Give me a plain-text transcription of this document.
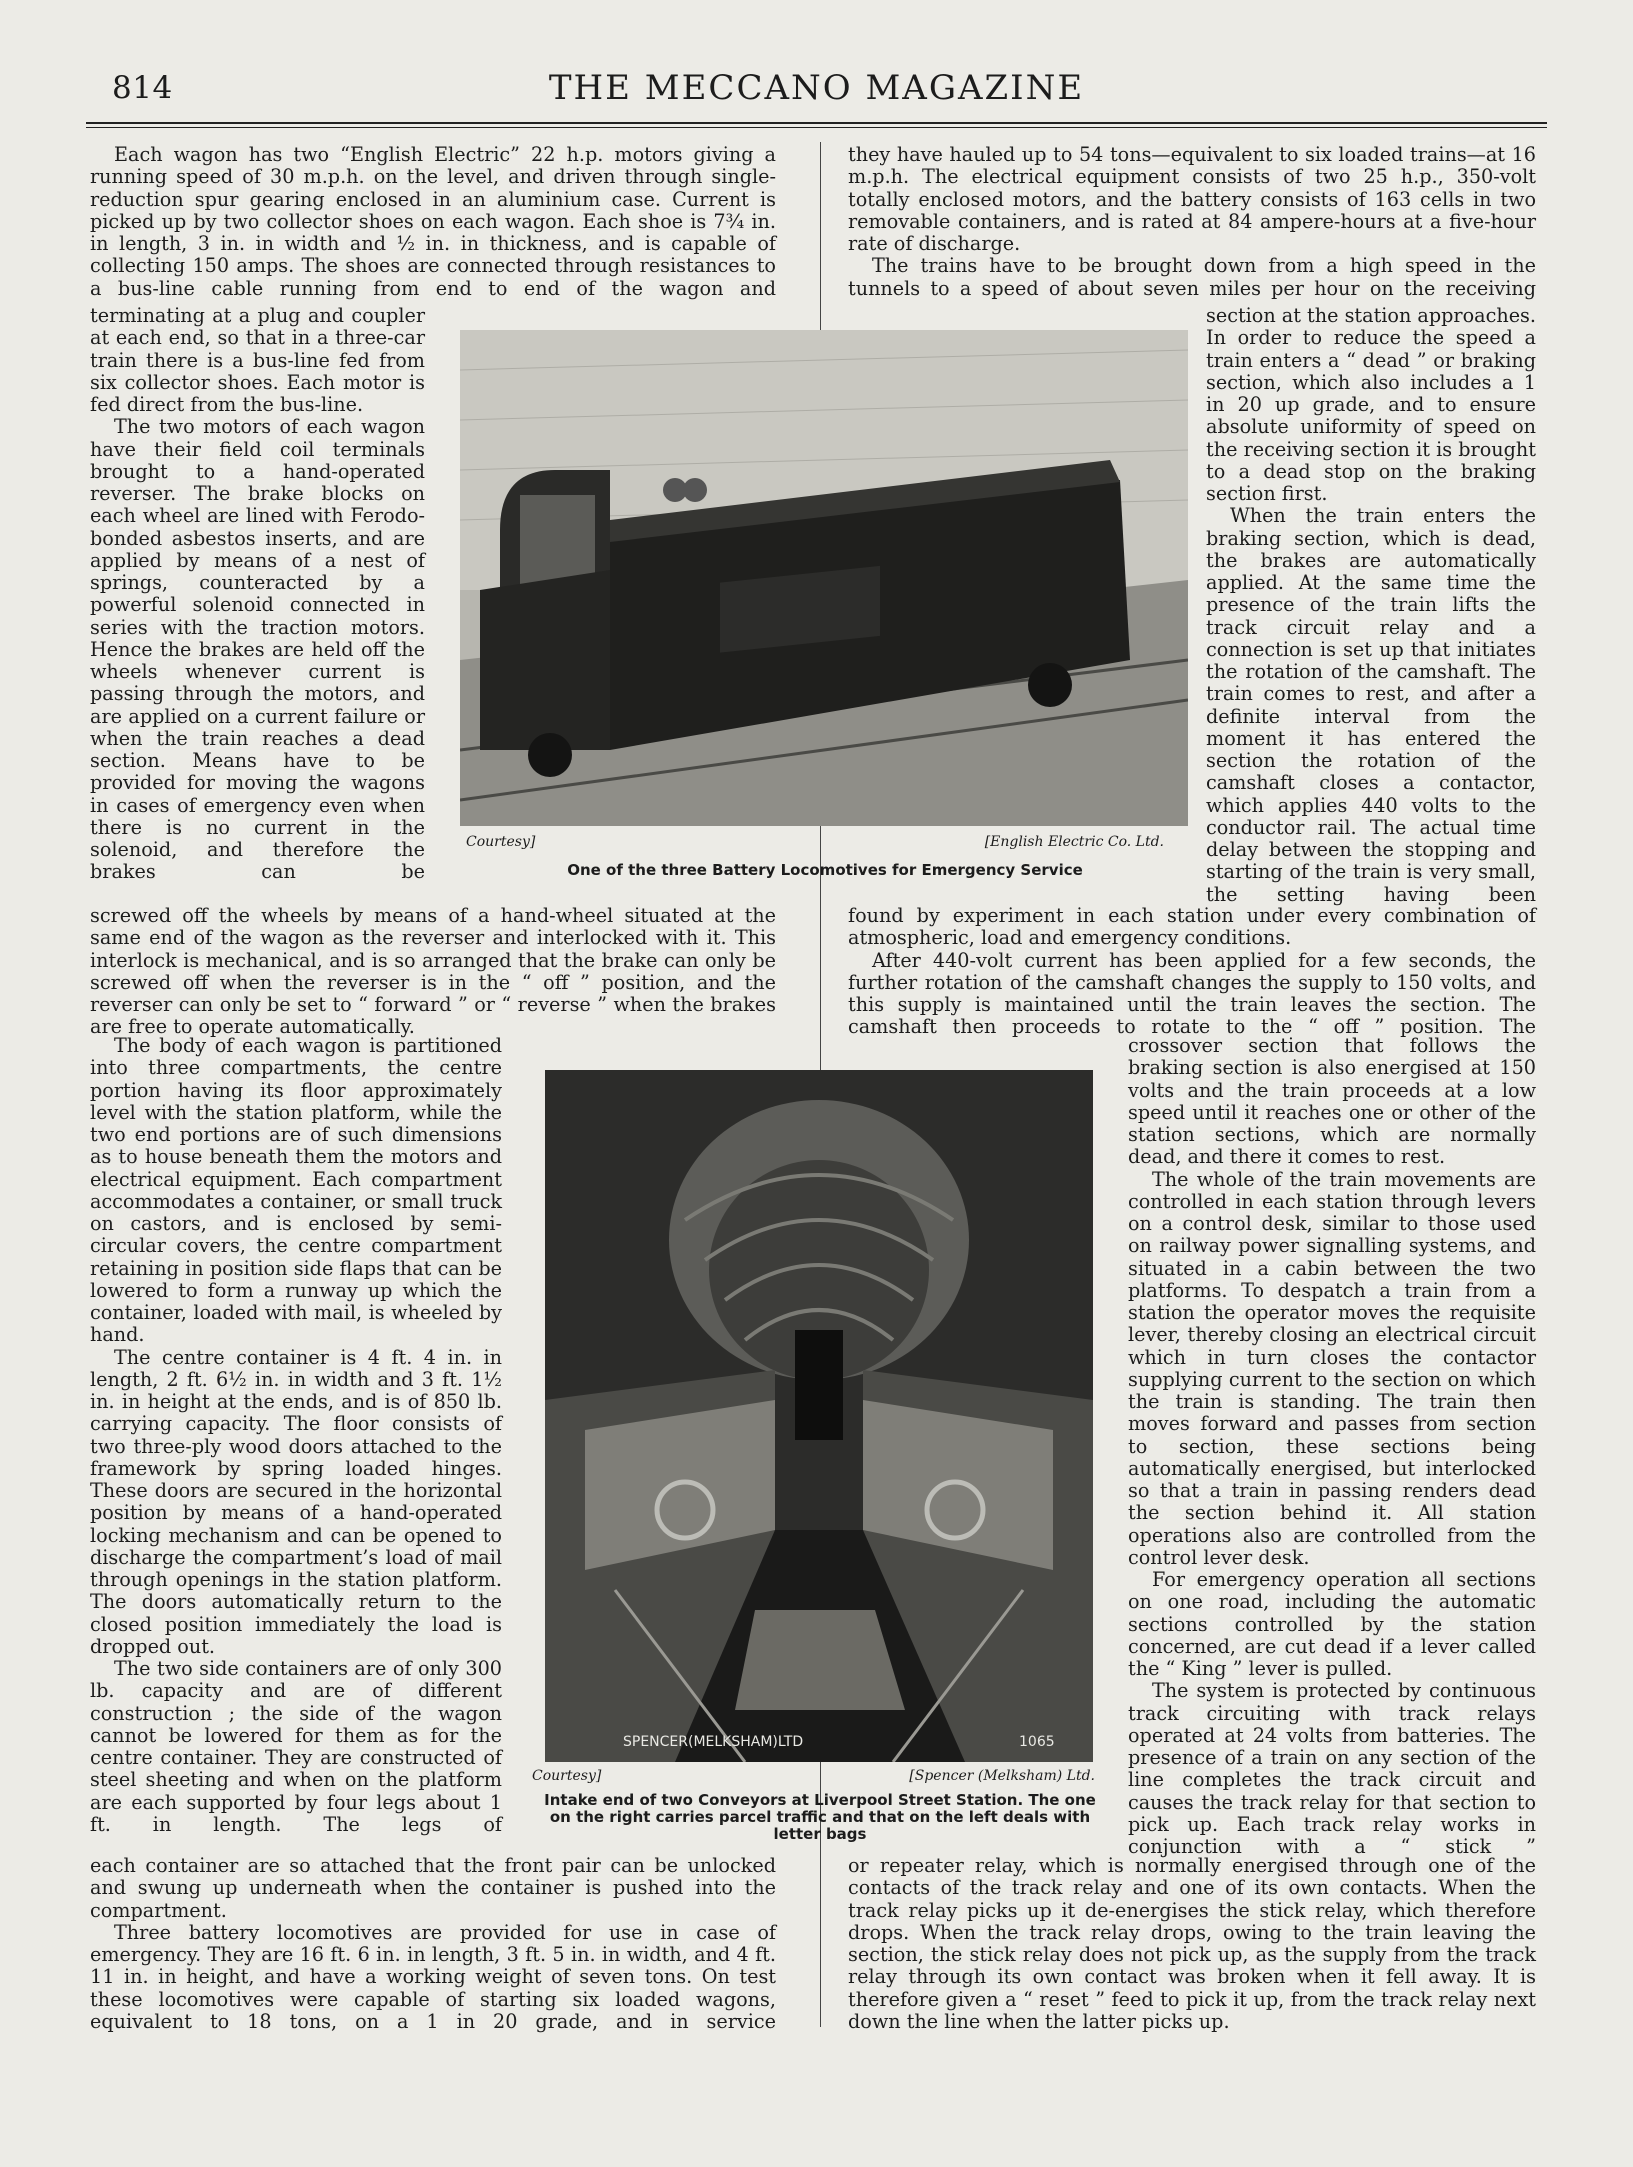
814	THE MECCANO MAGAZINE
Each wagon has two “English Electric” 22 h.p. motors giving a running speed of 30 m.p.h. on the level, and driven through single-reduction spur gearing enclosed in an aluminium case. Current is picked up by two collector shoes on each wagon. Each shoe is 7¾ in. in length, 3 in. in width and ½ in. in thickness, and is capable of collecting 150 amps. The shoes are connected through resistances to a bus-line cable running from end to end of the wagon and

terminating at a plug and coupler at each end, so that in a three-car train there is a bus-line fed from six collector shoes. Each motor is fed direct from the bus-line.

The two motors of each wagon have their field coil terminals brought to a hand-operated reverser. The brake blocks on each wheel are lined with Ferodo-bonded asbestos inserts, and are applied by means of a nest of springs, counteracted by a powerful solenoid connected in series with the traction motors. Hence the brakes are held off the wheels whenever current is passing through the motors, and are applied on a current failure or when the train reaches a dead section. Means have to be provided for moving the wagons in cases of emergency even when there is no current in the solenoid, and therefore the brakes can be

screwed off the wheels by means of a hand-wheel situated at the same end of the wagon as the reverser and interlocked with it. This interlock is mechanical, and is so arranged that the brake can only be screwed off when the reverser is in the “ off ” position, and the reverser can only be set to “ forward ” or “ reverse ” when the brakes are free to operate automatically.

The body of each wagon is partitioned into three compartments, the centre portion having its floor approximately level with the station platform, while the two end portions are of such dimensions as to house beneath them the motors and electrical equipment. Each compartment accommodates a container, or small truck on castors, and is enclosed by semi-circular covers, the centre compartment retaining in position side flaps that can be lowered to form a runway up which the container, loaded with mail, is wheeled by hand.

The centre container is 4 ft. 4 in. in length, 2 ft. 6½ in. in width and 3 ft. 1½ in. in height at the ends, and is of 850 lb. carrying capacity. The floor consists of two three-ply wood doors attached to the framework by spring loaded hinges. These doors are secured in the horizontal position by means of a hand-operated locking mechanism and can be opened to discharge the compartment’s load of mail through openings in the station platform. The doors automatically return to the closed position immediately the load is dropped out.

The two side containers are of only 300 lb. capacity and are of different construction ; the side of the wagon cannot be lowered for them as for the centre container. They are constructed of steel sheeting and when on the platform are each supported by four legs about 1 ft. in length. The legs of

each container are so attached that the front pair can be unlocked and swung up underneath when the container is pushed into the compartment.

Three battery locomotives are provided for use in case of emergency. They are 16 ft. 6 in. in length, 3 ft. 5 in. in width, and 4 ft. 11 in. in height, and have a working weight of seven tons. On test these locomotives were capable of starting six loaded wagons, equivalent to 18 tons, on a 1 in 20 grade, and in service

they have hauled up to 54 tons—equivalent to six loaded trains—at 16 m.p.h. The electrical equipment consists of two 25 h.p., 350-volt totally enclosed motors, and the battery consists of 163 cells in two removable containers, and is rated at 84 ampere-hours at a five-hour rate of discharge.

The trains have to be brought down from a high speed in the tunnels to a speed of about seven miles per hour on the receiving

section at the station approaches. In order to reduce the speed a train enters a “ dead ” or braking section, which also includes a 1 in 20 up grade, and to ensure absolute uniformity of speed on the receiving section it is brought to a dead stop on the braking section first.

When the train enters the braking section, which is dead, the brakes are automatically applied. At the same time the presence of the train lifts the track circuit relay and a connection is set up that initiates the rotation of the camshaft. The train comes to rest, and after a definite interval from the moment it has entered the section the rotation of the camshaft closes a contactor, which applies 440 volts to the conductor rail. The actual time delay between the stopping and starting of the train is very small, the setting having been

found by experiment in each station under every combination of atmospheric, load and emergency conditions.

After 440-volt current has been applied for a few seconds, the further rotation of the camshaft changes the supply to 150 volts, and this supply is maintained until the train leaves the section. The camshaft then proceeds to rotate to the “ off ” position. The

crossover section that follows the braking section is also energised at 150 volts and the train proceeds at a low speed until it reaches one or other of the station sections, which are normally dead, and there it comes to rest.

The whole of the train movements are controlled in each station through levers on a control desk, similar to those used on railway power signalling systems, and situated in a cabin between the two platforms. To despatch a train from a station the operator moves the requisite lever, thereby closing an electrical circuit which in turn closes the contactor supplying current to the section on which the train is standing. The train then moves forward and passes from section to section, these sections being automatically energised, but interlocked so that a train in passing renders dead the section behind it. All station operations also are controlled from the control lever desk.

For emergency operation all sections on one road, including the automatic sections controlled by the station concerned, are cut dead if a lever called the “ King ” lever is pulled.

The system is protected by continuous track circuiting with track relays operated at 24 volts from batteries. The presence of a train on any section of the line completes the track circuit and causes the track relay for that section to pick up. Each track relay works in conjunction with a “ stick ”

or repeater relay, which is normally energised through one of the contacts of the track relay and one of its own contacts. When the track relay picks up it de-energises the stick relay, which therefore drops. When the track relay drops, owing to the train leaving the section, the stick relay does not pick up, as the supply from the track relay through its own contact was broken when it fell away. It is therefore given a “ reset ” feed to pick it up, from the track relay next down the line when the latter picks up.

Courtesy]	[English Electric Co. Ltd.
One of the three Battery Locomotives for Emergency Service
SPENCER(MELKSHAM)LTD	1065
Courtesy]	[Spencer (Melksham) Ltd.
Intake end of two Conveyors at Liverpool Street Station. The one on the right carries parcel traffic and that on the left deals with letter bags
